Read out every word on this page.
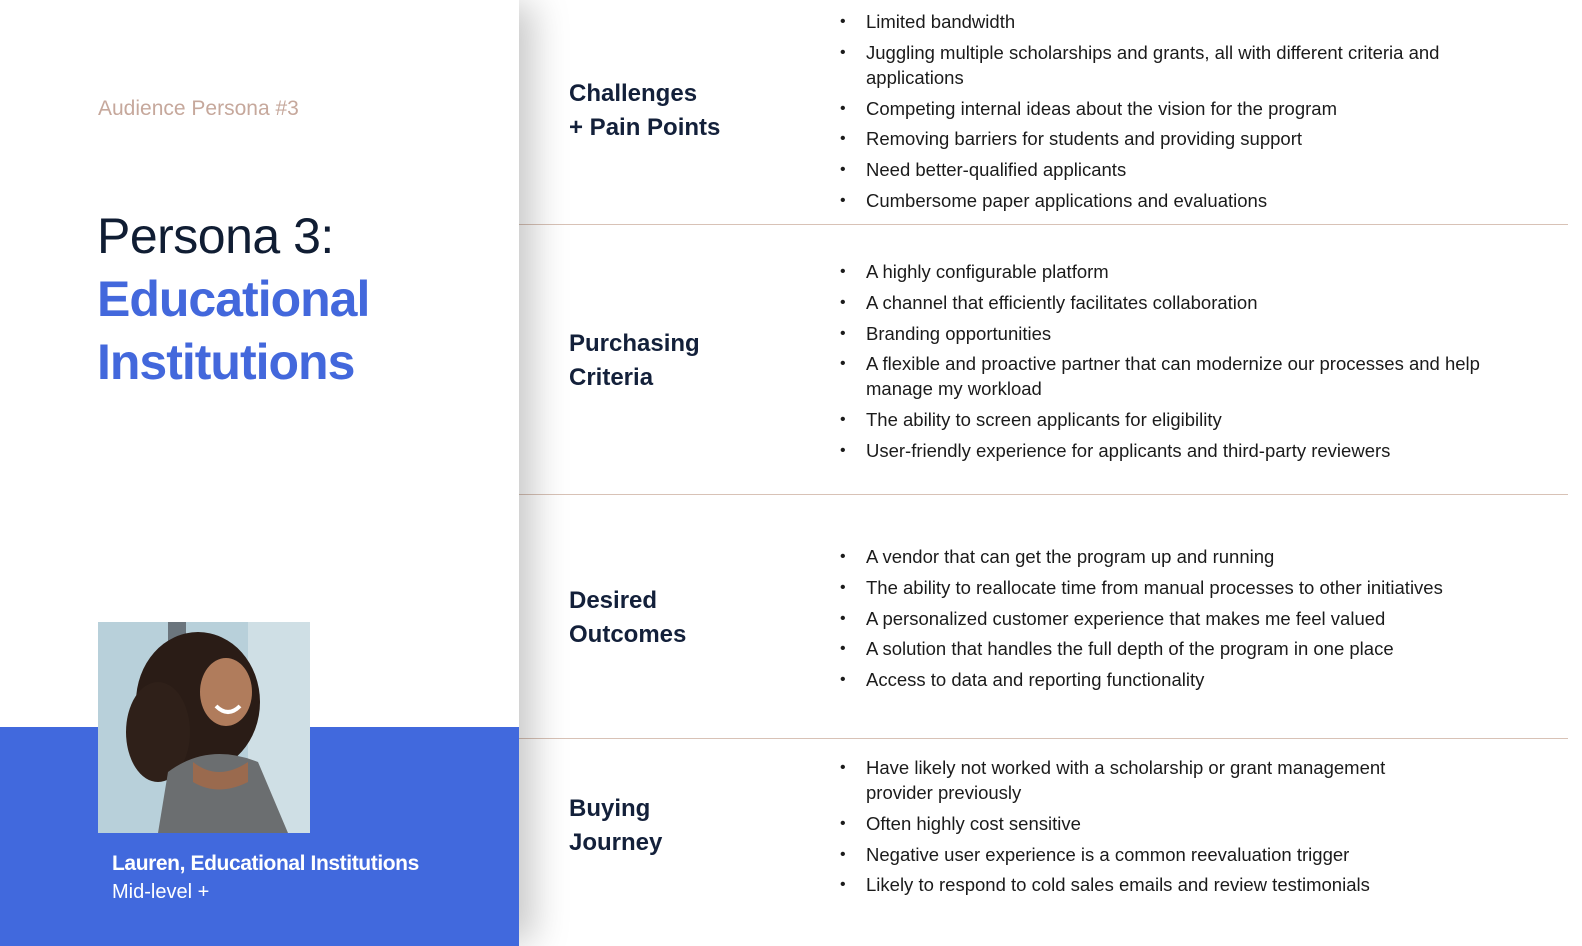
Audience Persona #3
Persona 3:
Educational
Institutions
Lauren, Educational Institutions
Mid-level +
Challenges
+ Pain Points
• Limited bandwidth
• Juggling multiple scholarships and grants, all with different criteria and applications
• Competing internal ideas about the vision for the program
• Removing barriers for students and providing support
• Need better-qualified applicants
• Cumbersome paper applications and evaluations
Purchasing
Criteria
• A highly configurable platform
• A channel that efficiently facilitates collaboration
• Branding opportunities
• A flexible and proactive partner that can modernize our processes and help manage my workload
• The ability to screen applicants for eligibility
• User-friendly experience for applicants and third-party reviewers
Desired
Outcomes
• A vendor that can get the program up and running
• The ability to reallocate time from manual processes to other initiatives
• A personalized customer experience that makes me feel valued
• A solution that handles the full depth of the program in one place
• Access to data and reporting functionality
Buying
Journey
• Have likely not worked with a scholarship or grant management provider previously
• Often highly cost sensitive
• Negative user experience is a common reevaluation trigger
• Likely to respond to cold sales emails and review testimonials
